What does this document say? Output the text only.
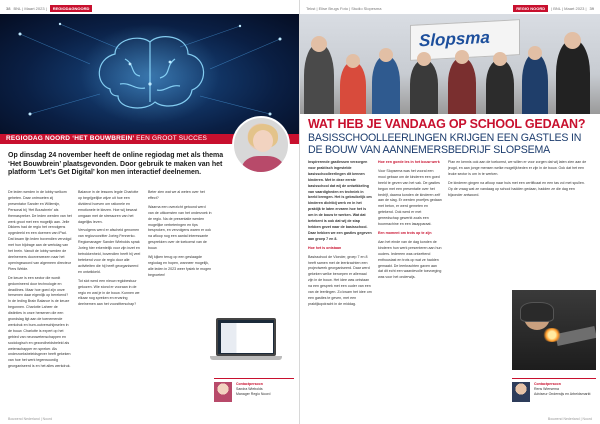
38 BNL | Maart 2023 |	REGIODAGNOORD
REGIODAG NOORD ‘HET BOUWBREIN’ EEN GROOT SUCCES
Op dinsdag 24 november heeft de online regiodag met als thema ‘Het Bouwbrein’ plaatsgevonden. Door gebruik te maken van het platform ‘Let’s Get Digital’ kon men interactief deelnemen.

De leden werden in de lobby welkom geheten. Daar ontmoeten zij presentator Sander en Willemijn, Personal bij ‘Het Bouwbrein’ als themaspreker. De leden werden van het werk groot met een mogelijk aan. Jelle Dikkers had de regio het vervolgens opgedeeld en een doemen van iPad. Dat kwam lijn leden bovendien vervolgd met hun bijdrage aan de werkdag van het brein. Vanuit de lobby werden de deelnemers doorverwezen naar het openingswoord van algemeen directeur Piers Welde.

De keuze is een sector die wordt gedomineerd door technologie en deadlines. Maar hoe goed zijn onze hersenen daar eigenlijk op berekend? In de Ieding Brain Balance is de keuze begonnen. Charlotte Laheer de distinties in onze hersenen die een grondslag ligt aan de toenemende werkdruk en burn-outverschijnselen in de bouw. Charlotte is expert op het gebied van neurowetenschappen en sociologisch en gezondheidsbeleid als wetenschapper en spreker. Als onderzoeksbeleidsgever heeft gekeken van hoe het werk tegenwoordig georganiseerd is en het alles werkdruk.

Balance in de lessons legde Charlotte op begrijpelijke wijze uit hoe een dividend hoeven om rationele en emotionele te kiezen. Hoe wij bewust omgaan met de stressoren van het dagelijks leven.

Vervolgens werd er afscheid genomen van regiovoorzitter Jorieg Fennerko. Regiomanager Sander Wiebolds sprak Jorieg hier erkentelijk voor zijn inzet en betrokkenheid, bovendien heeft hij veel betekend voor de regio door alle activiteiten die hij heeft georganiseerd en ontwikkeld.

Tot slot werd een nieuw regiobestuur gekozen. Wie stond er vooraan in de regio en wat je in de bouw. Kunnen we elkaar nog spreken en ervaring deelnemen aan het voorzitterschap?

Beter zien wat we al weten over het effect?

Waarna een overzicht getoond werd van de uitkomsten van het onderzoek in de regio. Na de presentatie werden mogelijke verbeteringen en tips besproken, en vervolgens waren er ook na afloop nog een aantal interessante gesprekken over de toekomst van de bouw.

Wij kijken terug op een geslaagde regiodag en hopen, wanneer mogelijk, alle leden in 2023 weer fysiek te mogen begroeten!

Contactpersoon
Sandra Wiebolds
Manager Regio Noord
Bouwend Nederland | Noord
Tekst | Elise Brugs Foto | Studio Slopesma	REGIO NOORD	| BNL | Maart 2023 | 39
Slopsma
WAT HEB JE VANDAAG OP SCHOOL GEDAAN?
BASISSCHOOLLEERLINGEN KRIJGEN EEN GASTLES IN DE BOUW VAN AANNEMERSBEDRIJF SLOPSEMA

Inspirerende gastlessen verzorgen voor praktisch ingestelde basisschoolleerlingen dit kennen kinderen. Met in deze eerste basisschool dat wij de ontwikkeling van vaardigheden en techniek in beeld brengen. Het is gebruikelijk om kinderen dichtbij werk en in het praktijk te laten ervaren hoe het is om in de bouw te werken. Wat dat betekent is ook dat wij de stap hebben gezet naar de basisschool. Daar hebben we een gastles gegeven aan groep 7 en 8.

Hoe het is ontstaan

Basisschool de Vlonder, groep 7 en 8 heeft samen met de leerkrachten een projectweek georganiseerd. Daar werd gekeken welke beroepen er allemaal zijn in de bouw. Het idee was ontstaan na een gesprek met een ouder van een van de leerlingen. Zo kwam het idee om een gastles te geven, met een praktijkopdracht in de middag.

Hoe een goede les in het bouw werk

Voor Slopsema was het vooral een mooi gebaar om de kinderen een goed beeld te geven van het vak. De gastles begon met een presentatie over het bedrijf, daarna konden de kinderen zelf aan de slag. Er werden proefjes gedaan met beton, er werd gemeten en getekend. Ook werd er met gereedschap gewerkt zoals een boormachine en een lasapparaat.

Een moment om trots op te zijn

Aan het einde van de dag konden de kinderen hun werk presenteren aan hun ouders. Iedereen was ontzettend enthousiast en trots op wat ze hadden gemaakt. De leerkrachten gaven aan dat dit echt een waardevolle toevoeging was voor het onderwijs.

Plan en kennis ook aan de toekomst, we willen er voor zorgen dat wij laten zien aan de jeugd, en aan jonge mensen welke mogelijkheden er zijn in de bouw. Ook dat het een leuke sector is om in te werken.

De kinderen gingen na afloop naar huis met een certificaat en een tas vol met spullen. Op de vraag wat ze vandaag op school hadden gedaan, hadden ze die dag een bijzonder antwoord.

Contactpersoon
Rens Wiersema
Adviseur Onderwijs en Arbeidsmarkt
Bouwend Nederland | Noord
